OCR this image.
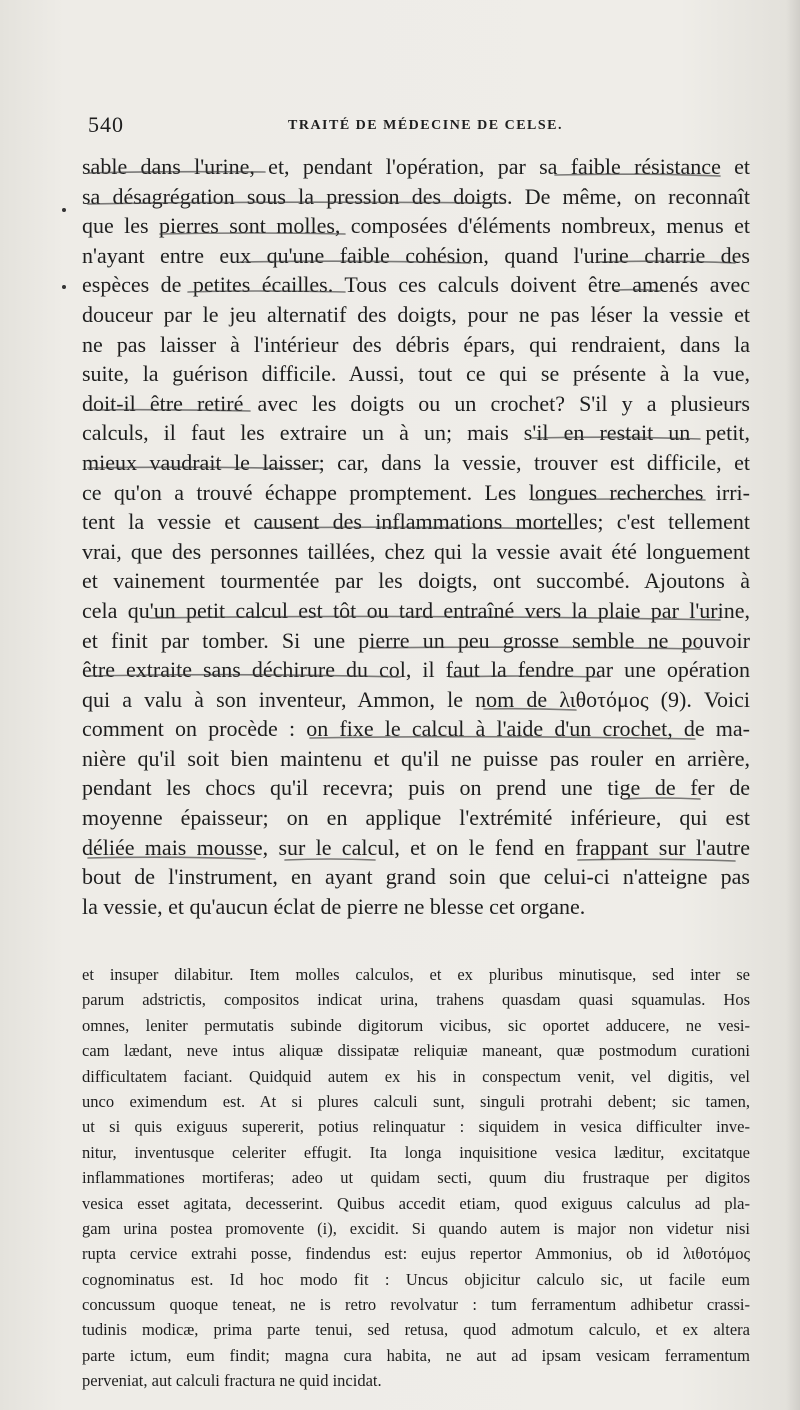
540	TRAITÉ DE MÉDECINE DE CELSE.
sable dans l'urine, et, pendant l'opération, par sa faible résistance et
sa désagrégation sous la pression des doigts. De même, on reconnaît
que les pierres sont molles, composées d'éléments nombreux, menus et
n'ayant entre eux qu'une faible cohésion, quand l'urine charrie des
espèces de petites écailles. Tous ces calculs doivent être amenés avec
douceur par le jeu alternatif des doigts, pour ne pas léser la vessie et
ne pas laisser à l'intérieur des débris épars, qui rendraient, dans la
suite, la guérison difficile. Aussi, tout ce qui se présente à la vue,
doit-il être retiré avec les doigts ou un crochet? S'il y a plusieurs
calculs, il faut les extraire un à un; mais s'il en restait un petit,
mieux vaudrait le laisser; car, dans la vessie, trouver est difficile, et
ce qu'on a trouvé échappe promptement. Les longues recherches irri-
tent la vessie et causent des inflammations mortelles; c'est tellement
vrai, que des personnes taillées, chez qui la vessie avait été longuement
et vainement tourmentée par les doigts, ont succombé. Ajoutons à
cela qu'un petit calcul est tôt ou tard entraîné vers la plaie par l'urine,
et finit par tomber. Si une pierre un peu grosse semble ne pouvoir
être extraite sans déchirure du col, il faut la fendre par une opération
qui a valu à son inventeur, Ammon, le nom de λιθοτόμος (9). Voici
comment on procède : on fixe le calcul à l'aide d'un crochet, de ma-
nière qu'il soit bien maintenu et qu'il ne puisse pas rouler en arrière,
pendant les chocs qu'il recevra; puis on prend une tige de fer de
moyenne épaisseur; on en applique l'extrémité inférieure, qui est
déliée mais mousse, sur le calcul, et on le fend en frappant sur l'autre
bout de l'instrument, en ayant grand soin que celui-ci n'atteigne pas
la vessie, et qu'aucun éclat de pierre ne blesse cet organe.
et insuper dilabitur. Item molles calculos, et ex pluribus minutisque, sed inter se
parum adstrictis, compositos indicat urina, trahens quasdam quasi squamulas. Hos
omnes, leniter permutatis subinde digitorum vicibus, sic oportet adducere, ne vesi-
cam lædant, neve intus aliquæ dissipatæ reliquiæ maneant, quæ postmodum curationi
difficultatem faciant. Quidquid autem ex his in conspectum venit, vel digitis, vel
unco eximendum est. At si plures calculi sunt, singuli protrahi debent; sic tamen,
ut si quis exiguus supererit, potius relinquatur : siquidem in vesica difficulter inve-
nitur, inventusque celeriter effugit. Ita longa inquisitione vesica læditur, excitatque
inflammationes mortiferas; adeo ut quidam secti, quum diu frustraque per digitos
vesica esset agitata, decesserint. Quibus accedit etiam, quod exiguus calculus ad pla-
gam urina postea promovente (i), excidit. Si quando autem is major non videtur nisi
rupta cervice extrahi posse, findendus est: eujus repertor Ammonius, ob id λιθοτόμος
cognominatus est. Id hoc modo fit : Uncus objicitur calculo sic, ut facile eum
concussum quoque teneat, ne is retro revolvatur : tum ferramentum adhibetur crassi-
tudinis modicæ, prima parte tenui, sed retusa, quod admotum calculo, et ex altera
parte ictum, eum findit; magna cura habita, ne aut ad ipsam vesicam ferramentum
perveniat, aut calculi fractura ne quid incidat.
